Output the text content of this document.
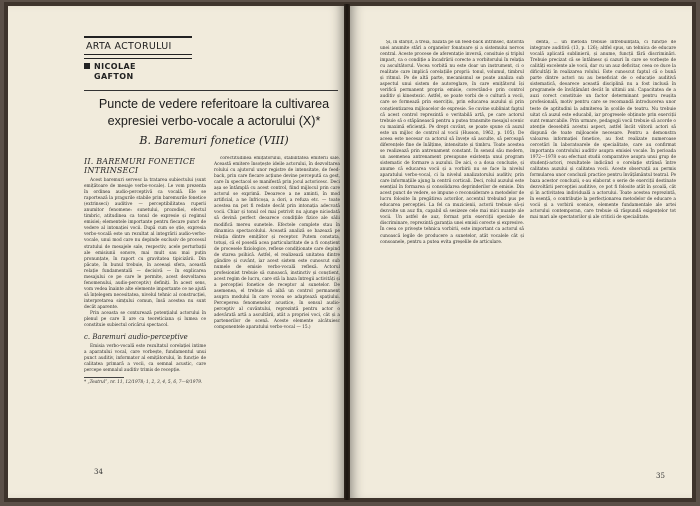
ARTA ACTORULUI
NICOLAE
GAFTON
Puncte de vedere referitoare la cultivarea expresiei verbo-vocale a actorului (X)*
B. Baremuri fonetice (VIII)
II. BAREMURI FONETICE INTRINSECI

Acest baremuri servesc la tratarea subiectului (sunt emițătoare de mesaje verbo-vocale). Le vom prezenta în ordinea audio-perceptivă ca vocală. Ele se raportează la pragurile stabile prin baremurile fonetice (extrinseci) auditive — perceptibilitatea ruperii anumitor fenomene: sunetului, prozodiei, efectul timbric, atitudinea ca tonul de expresie și regimul emisiei; elementele importante pentru fiecare punct de vedere al intonației vocii. După cum se știe, expresia verbo-vocală este un rezultat al integrării audio-verbo-vocale, unui mod care nu depinde exclusiv de procesul stratului de mesajele sale, respectiv, acele perturbații ale emisiunii sonore, mai mult sau mai puțin pronunțate, în raport cu gravitatea tipicizării. Din păcate, în bunul trebuie, în aceeași sfera, această relație fundamentală — decisivă — în explicarea mesajului ce pe care le permite, acest dezvoltarea fenomenului, audio-perceptiv) definiți. În acest sens, vom vedea înainte alte elemente importante ce ne ajută să înțelegem necesitatea, nivelul tehnic al construcției, interpretarea simțului comun, însă acestea nu sunt decât aparente.

Prin aceasta se conturează potențialul actorului în plenul pe care îl are ca teoreticiana și lumea ce constituie subiectul oricărui spectacol.

c. Baremuri audio-perceptive

Emisia verbo-vocală este rezultatul corelației intime a aparatului vocal, care vorbește, fundamentul unui punct auditiv, informator al emițătorului, în funcție de calitatea primară a vocii, ca semnal acustic, care percepe semnalul auditiv trimis de recepție.

* „Teatrul”, nr. 11, 12/1978; 1, 2, 3, 4, 5, 6, 7—8/1979.

corectitudinea emițătorului, stabilitatea emiterii sale. Această emitere însoțește ideile actorului, în dezvoltarea rolului cu ajutorul unor registre de intensitate, de feed-back, prin care fiecare acțiune devine percepută ca gest, care în spectacol se manifestă prin jocul actoricesc. Deci așa se întâmplă cu acest control, fiind mijlocul prin care actorul se exprimă. Deoarece a ne aminti, în mod artificial, a ne înfricoșa, a dori, a refuza etc. — toate acestea nu pot fi redate decât prin intonația adecvată vocii. Chiar și tonul cel mai potrivit nu ajunge niciodată să devină perfect deoarece condițiile fizice ale sălii modifică mereu sunetele. Efectele complete stau în dinamica spectacolului. Această analiză se bazează pe relația dintre emițător și receptor. Putem constata, totuși, că el posedă acea particularitate de a fi conștient de procesele fiziologice, reflexe condiționate care depind de starea psihică. Astfel, el realizează unitatea dintre gândire și cuvânt, iar acest sistem este cunoscut sub numele de emisie verbo-vocală reflexă. Actorul profesionist trebuie să cunoască, instinctiv și conștient, acest regim de lucru, care stă la baza întregii activități și a percepției fonetice de receptor al sunetelor. De asemenea, el trebuie să aibă un control permanent asupra modului în care vocea se adaptează spațiului. Perceperea fenomenelor acustice, în sensul audio-perceptiv al cuvântului, reprezintă pentru actor o adevărată artă a ascultării, atât a propriei voci, cât și a partenerilor de scenă. Aceste elemente alcătuiesc componentele aparatului verbo-vocal — 15.)

34

Și, în sfârșit, a treia, bazată pe un feed-back intrinsec, datorită unei anumite stări a organelor fonatoare și a sistemului nervos central. Aceste procese de aferentație inversă, consituie și triplul impact, ca o condiție a încadrării corecte a vorbitorului în relația cu ascultătorul. Vocea vorbită nu este doar un instrument, ci o realitate care implică corelațiile proprii: tonul, volumul, timbrul și ritmul. Pe de altă parte, mecanismul se poate analiza sub aspectul unui sistem de autoreglare, în care emițătorul își verifică permanent propria emisie, corectând-o prin control auditiv și kinestezic. Astfel, se poate vorbi de o cultură a vocii, care se formează prin exercițiu, prin educarea auzului și prin conștientizarea mijloacelor de expresie. Se cuvine subliniat faptul că acest control reprezintă o veritabilă artă, pe care actorul trebuie să o stăpânească pentru a putea transmite mesajul scenic cu maximă eficiență. Pe drept cuvânt, se poate spune că auzul este un mijloc de control al vocii (Husson, 1962, p. 105). De aceea este necesar ca actorul să învețe să asculte, să perceapă diferențele fine de înălțime, intensitate și timbru. Toate acestea se realizează prin antrenament constant. În sensul său modern, un asemenea antrenament presupune existența unui program sistematic de formare a auzului. De aici, o a doua concluzie, și anume că educarea vocii și a vorbirii nu se face la nivelul aparatului verbo-vocal, ci la nivelul analizatorului auditiv, prin care informațiile ajung la centrii corticali. Deci, rolul auzului este esențial în formarea și consolidarea deprinderilor de emisie. Din acest punct de vedere, se impune o reconsiderare a metodelor de lucru folosite în pregătirea actorilor, accentul trebuind pus pe educarea percepției. La fel ca muzicienii, actorii trebuie să-și dezvolte un auz fin, capabil să sesizeze cele mai mici nuanțe ale vocii. Un astfel de auz, format prin exerciții speciale de discriminare, reprezintă garanția unei emisii corecte și expresive. În ceea ce privește tehnica vorbirii, este important ca actorul să cunoască legile de producere a sunetelor, atât vocalele cât și consoanele, pentru a putea evita greșelile de articulare.

dentă, ... un metodă trebuie întrebuințată, ci funcție de integrare auditivă (13, p. 126); altfel spus, un tehnica de educare vocală aplicată sublinierii, și anume, funcții fără discriminări. Trebuie precizat că se întâlnesc și cazuri în care se vorbește de calități excelente ale vocii, dar cu un auz deficitar, ceea ce duce la dificultăți în realizarea rolului. Este cunoscut faptul că o bună parte dintre actori nu au beneficiat de o educație auditivă sistematică, deoarece această disciplină nu a fost inclusă în programele de învățământ decât în ultimii ani. Capacitatea de a auzi corect constituie un factor determinant pentru reușita profesională, motiv pentru care se recomandă introducerea unor teste de aptitudini la admiterea în școlile de teatru. Nu trebuie uitat că auzul este educabil, iar progresele obținute prin exerciții sunt remarcabile. Prin urmare, pedagogii vocii trebuie să acorde o atenție deosebită acestui aspect, astfel încât viitorii actori să dispună de toate mijloacele necesare. Pentru a demonstra valoarea informației fonetice, au fost realizate numeroase cercetări în laboratoarele de specialitate, care au confirmat importanța controlului auditiv asupra emisiei vocale. În perioada 1972—1978 s-au efectuat studii comparative asupra unui grup de studenți-actori, rezultatele indicând o corelație strânsă între calitatea auzului și calitatea vocii. Aceste observații au permis formularea unor concluzii practice pentru învățământul teatral. Pe baza acestor concluzii, s-au elaborat o serie de exerciții destinate dezvoltării percepției auditive, ce pot fi folosite atât în școală, cât și în activitatea individuală a actorului. Toate acestea reprezintă, în esență, o contribuție la perfecționarea metodelor de educare a vocii și a vorbirii scenice, elemente fundamentale ale artei actorului contemporan, care trebuie să răspundă exigențelor tot mai mari ale spectatorilor și ale criticii de specialitate.

35
